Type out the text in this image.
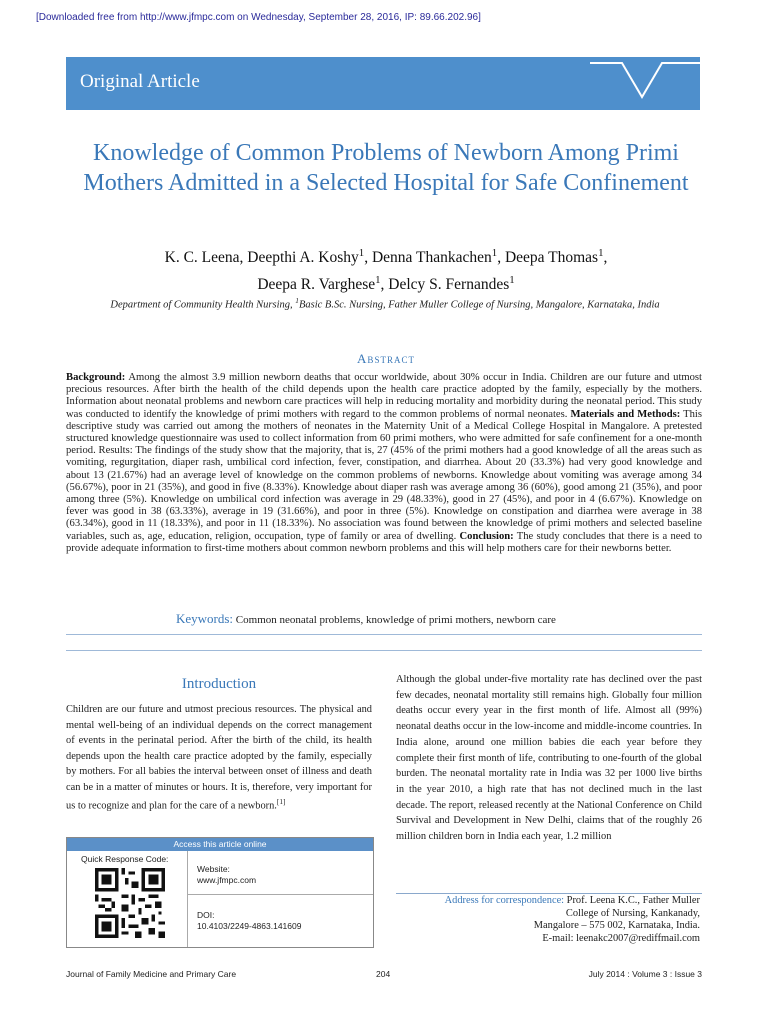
[Downloaded free from http://www.jfmpc.com on Wednesday, September 28, 2016, IP: 89.66.202.96]
Original Article
Knowledge of Common Problems of Newborn Among Primi Mothers Admitted in a Selected Hospital for Safe Confinement
K. C. Leena, Deepthi A. Koshy$^1$, Denna Thankachen$^1$, Deepa Thomas$^1$,
Deepa R. Varghese$^1$, Delcy S. Fernandes$^1$
Department of Community Health Nursing, $^1$Basic B.Sc. Nursing, Father Muller College of Nursing, Mangalore, Karnataka, India
Abstract
Background: Among the almost 3.9 million newborn deaths that occur worldwide, about 30% occur in India. Children are our future and utmost precious resources. After birth the health of the child depends upon the health care practice adopted by the family, especially by the mothers. Information about neonatal problems and newborn care practices will help in reducing mortality and morbidity during the neonatal period. This study was conducted to identify the knowledge of primi mothers with regard to the common problems of normal neonates. Materials and Methods: This descriptive study was carried out among the mothers of neonates in the Maternity Unit of a Medical College Hospital in Mangalore. A pretested structured knowledge questionnaire was used to collect information from 60 primi mothers, who were admitted for safe confinement for a one-month period. Results: The findings of the study show that the majority, that is, 27 (45% of the primi mothers had a good knowledge of all the areas such as vomiting, regurgitation, diaper rash, umbilical cord infection, fever, constipation, and diarrhea. About 20 (33.3%) had very good knowledge and about 13 (21.67%) had an average level of knowledge on the common problems of newborns. Knowledge about vomiting was average among 34 (56.67%), poor in 21 (35%), and good in five (8.33%). Knowledge about diaper rash was average among 36 (60%), good among 21 (35%), and poor among three (5%). Knowledge on umbilical cord infection was average in 29 (48.33%), good in 27 (45%), and poor in 4 (6.67%). Knowledge on fever was good in 38 (63.33%), average in 19 (31.66%), and poor in three (5%). Knowledge on constipation and diarrhea were average in 38 (63.34%), good in 11 (18.33%), and poor in 11 (18.33%). No association was found between the knowledge of primi mothers and selected baseline variables, such as, age, education, religion, occupation, type of family or area of dwelling. Conclusion: The study concludes that there is a need to provide adequate information to first-time mothers about common newborn problems and this will help mothers care for their newborns better.
Keywords: Common neonatal problems, knowledge of primi mothers, newborn care
Introduction
Children are our future and utmost precious resources. The physical and mental well-being of an individual depends on the correct management of events in the perinatal period. After the birth of the child, its health depends upon the health care practice adopted by the family, especially by mothers. For all babies the interval between onset of illness and death can be in a matter of minutes or hours. It is, therefore, very important for us to recognize and plan for the care of a newborn.[1]
Access this article online
Quick Response Code:
Website:
www.jfmpc.com
DOI:
10.4103/2249-4863.141609
Although the global under-five mortality rate has declined over the past few decades, neonatal mortality still remains high. Globally four million deaths occur every year in the first month of life. Almost all (99%) neonatal deaths occur in the low-income and middle-income countries. In India alone, around one million babies die each year before they complete their first month of life, contributing to one-fourth of the global burden. The neonatal mortality rate in India was 32 per 1000 live births in the year 2010, a high rate that has not declined much in the last decade. The report, released recently at the National Conference on Child Survival and Development in New Delhi, claims that of the roughly 26 million children born in India each year, 1.2 million
Address for correspondence: Prof. Leena K.C., Father Muller
College of Nursing, Kankanady,
Mangalore – 575 002, Karnataka, India.
E-mail: leenakc2007@rediffmail.com
Journal of Family Medicine and Primary Care	204	July 2014 : Volume 3 : Issue 3
